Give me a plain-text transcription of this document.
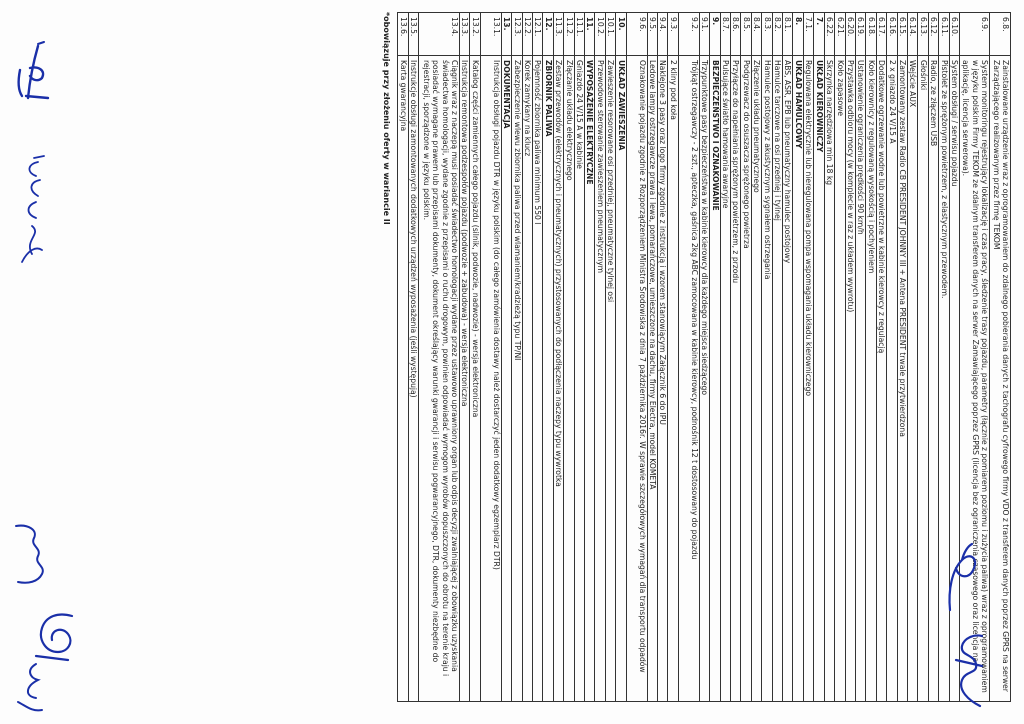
6.8.	Zainstalowane urządzenie wraz z oprogramowaniem do zdalnego pobierania danych z tachografu cyfrowego firmy VDO z transferem danych poprzez GPRS na serwer Zarządzającego realizowanym przez firmę TEKOM
6.9.	System monitoringu rejestrujący lokalizację i czas pracy, śledzenie trasy pojazdu, parametry (łącznie z pomiarem poziomu i zużycia paliwa) wraz z oprogramowaniem w języku polskim Firmy TEKOM ze zdalnym transferem danych na serwer Zamawiającego poprzez GPRS (licencja bez ograniczenia czasowego oraz licencja na aplikację, licencja serwerowa).
6.10.	System obsługi / serwisu pojazdu
6.11.	Pistolet ze sprężonym powietrzem, z elastycznym przewodem.
6.12.	Radio, ze złączem USB
6.13.	Głośniki
6.14.	Wejście AUX
6.15.	Zamontowany zestaw Radio CB PRESIDENT JOHNNY III + Antena PRESIDENT trwale przytwierdzona
6.16.	2 x gniazdo 24 V/15 A
6.17.	Dodatkowe ogrzewanie wodne lub powietrzne w kabinie kierowcy z regulacją
6.18.	Koło kierownicy z regulowaną wysokością i pochyleniem
6.19.	Ustanowienie ograniczenia prędkości 90 km/h
6.20.	Przystawka odbioru mocy (w komplecie w raz z układem wywrotu)
6.21.	Koło zapasowe
6.22.	Skrzynka narzędziowa min 18 kg
7.	UKŁAD KIEROWNICZY
7.1.	Regulowana elektrycznie lub nieregulowana pompa wspomagania układu kierowniczego
8.	UKŁAD HAMULCOWY
8.1.	ABS, ASR, EPB lub pneumatyczny hamulec postojowy
8.2.	Hamulce tarczowe na osi przedniej i tylnej
8.3.	Hamulec postojowy z akustycznym sygnałem ostrzegania
8.4.	Złączenie układu pneumatycznego
8.5.	Podgrzewacz do osuszacza sprężonego powietrza
8.6.	Przyłącze do napełniania sprężonym powietrzem, z przodu
8.7.	Pulsujące światło hamowania awaryjne
9.	BEZPIECZEŃSTWO I OZNAKOWANIE
9.1.	Trzypunktowe pasy bezpieczeństwa w kabinie kierowcy dla każdego miejsca siedzącego
9.2.	Trójkąt ostrzegawczy - 2 szt., apteczka, gaśnica 2kg ABC zamocowana w kabinie kierowcy, podnośnik 12 t dostosowany do pojazdu
9.3.	2 kliny pod koła
9.4.	Naklejone 3 pasy oraz logo firmy zgodnie z instrukcją i wzorem stanowiącym Załącznik 6 do IPU
9.5.	Ledowe lampy ostrzegawcze prawa i lewa, pomarańczowe, umieszczone na dachu, firmy Electra, model KOMETA
9.6.	Oznakowanie pojazdu zgodnie z Rozporządzeniem Ministra Środowiska z dnia 7 października 2016r. W sprawie szczegółowych wymagań dla transportu odpadów
10.	UKŁAD ZAWIESZENIA
10.1.	Zawieszenie resorowane osi przedniej, pneumatyczne tylnej osi
10.2.	Przewodowe sterowanie zawieszeniem pneumatycznym
11.	WYPOSAŻENIE ELEKTRYCZNE
11.1.	Gniazdo 24 V/15 A w kabinie
11.2.	Złączanie układu elektrycznego
11.3.	Zestaw przewodów (elektrycznych i pneumatycznych) przystosowanych do podłączenia naczepy typu wywrotka
12.	ZBIORNIK PALIWA
12.1.	Pojemność zbiornika paliwa minimum 550 l
12.2.	Korek zamykany na klucz
12.3.	Zabezpieczenie wlewu zbiornika paliwa przed wlamaniem/kradzieżą typu TP/NI
13.	DOKUMENTACJA
13.1.	Instrukcja obsługi pojazdu DTR w języku polskim (do całego zamówienia dostawy należ dostarczyć jeden dodatkowy egzemplarz DTR)
13.2.	Katalog części zamiennych całego pojazdu (silnik, podwozie, nadwozie) - wersja elektroniczna
13.3.	Instrukcja remontowa podzespołów pojazdu (podwozie + zabudowa) - wersja elektroniczna
13.4.	Ciągnik wraz z naczepą musi posiadać świadectwo homologacji wydane przez ustawowo uprawniony organ lub odpis decyzji zwalniającej z obowiązku uzyskania świadectwa homologacji, wydane zgodnie z przepisami o ruchu drogowym, powinien odpowiadać wymogom wyrobów dopuszczonych do obrotu na terenie kraju i posiadać wymagane prawem lub przepisami dokumenty, dokument określający warunki gwarancji i serwisu pogwarancyjnego, DTR, dokumenty niezbędne do rejestracji, sporządzone w języku polskim.
13.5.	Instrukcje obsługi zamontowanych dodatkowych urządzeń wyposażenia (jeśli występują)
13.6.	Karta gwarancyjna
*obowiązuje przy złożeniu oferty w wariancie II
